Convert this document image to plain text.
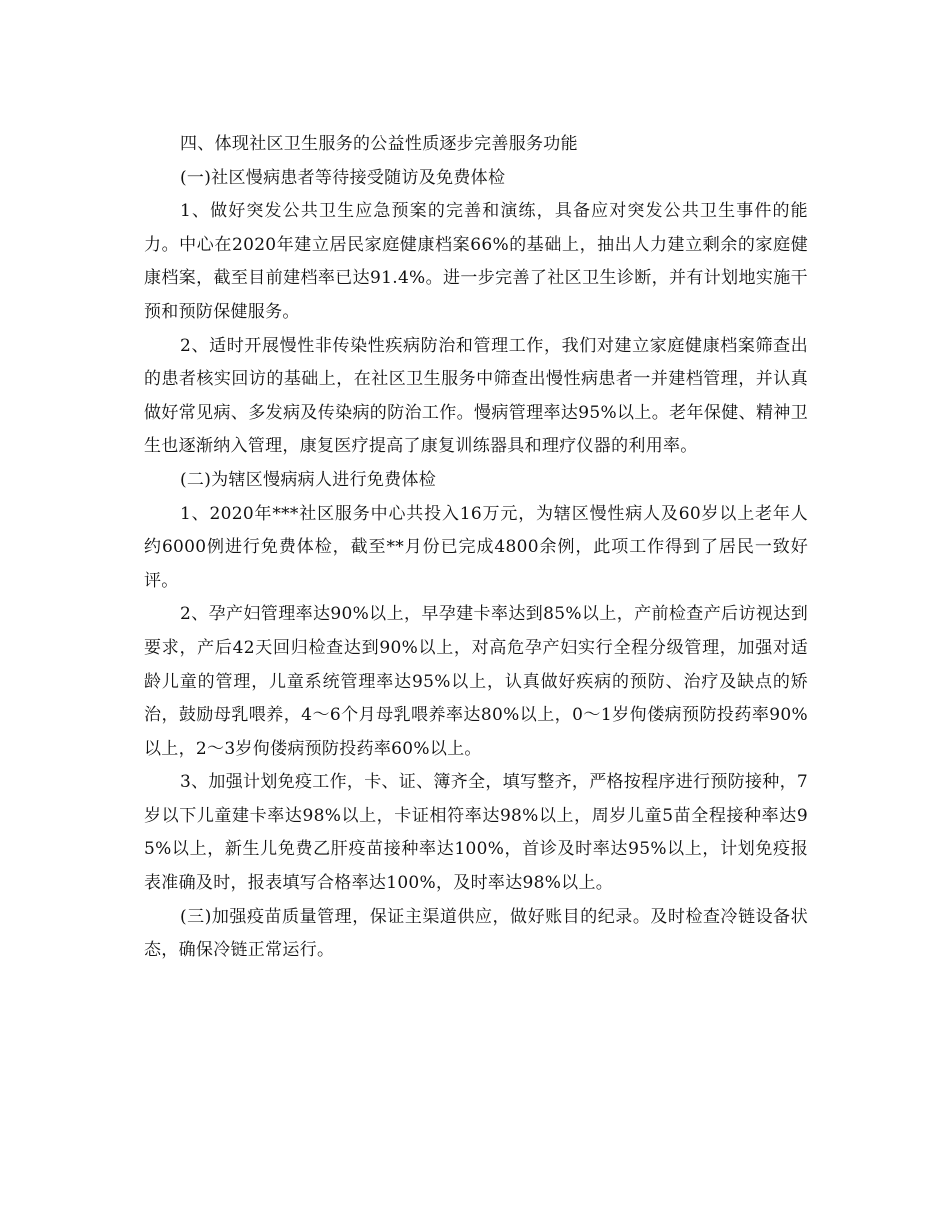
四、体现社区卫生服务的公益性质逐步完善服务功能

(一)社区慢病患者等待接受随访及免费体检

1、做好突发公共卫生应急预案的完善和演练，具备应对突发公共卫生事件的能力。中心在2020年建立居民家庭健康档案66%的基础上，抽出人力建立剩余的家庭健康档案，截至目前建档率已达91.4%。进一步完善了社区卫生诊断，并有计划地实施干预和预防保健服务。

2、适时开展慢性非传染性疾病防治和管理工作，我们对建立家庭健康档案筛查出的患者核实回访的基础上，在社区卫生服务中筛查出慢性病患者一并建档管理，并认真做好常见病、多发病及传染病的防治工作。慢病管理率达95%以上。老年保健、精神卫生也逐渐纳入管理，康复医疗提高了康复训练器具和理疗仪器的利用率。

(二)为辖区慢病病人进行免费体检

1、2020年***社区服务中心共投入16万元，为辖区慢性病人及60岁以上老年人约6000例进行免费体检，截至**月份已完成4800余例，此项工作得到了居民一致好评。

2、孕产妇管理率达90%以上，早孕建卡率达到85%以上，产前检查产后访视达到要求，产后42天回归检查达到90%以上，对高危孕产妇实行全程分级管理，加强对适龄儿童的管理，儿童系统管理率达95%以上，认真做好疾病的预防、治疗及缺点的矫治，鼓励母乳喂养，4～6个月母乳喂养率达80%以上，0～1岁佝偻病预防投药率90%以上，2～3岁佝偻病预防投药率60%以上。

3、加强计划免疫工作，卡、证、簿齐全，填写整齐，严格按程序进行预防接种，7岁以下儿童建卡率达98%以上，卡证相符率达98%以上，周岁儿童5苗全程接种率达95%以上，新生儿免费乙肝疫苗接种率达100%，首诊及时率达95%以上，计划免疫报表准确及时，报表填写合格率达100%，及时率达98%以上。

(三)加强疫苗质量管理，保证主渠道供应，做好账目的纪录。及时检查冷链设备状态，确保冷链正常运行。
